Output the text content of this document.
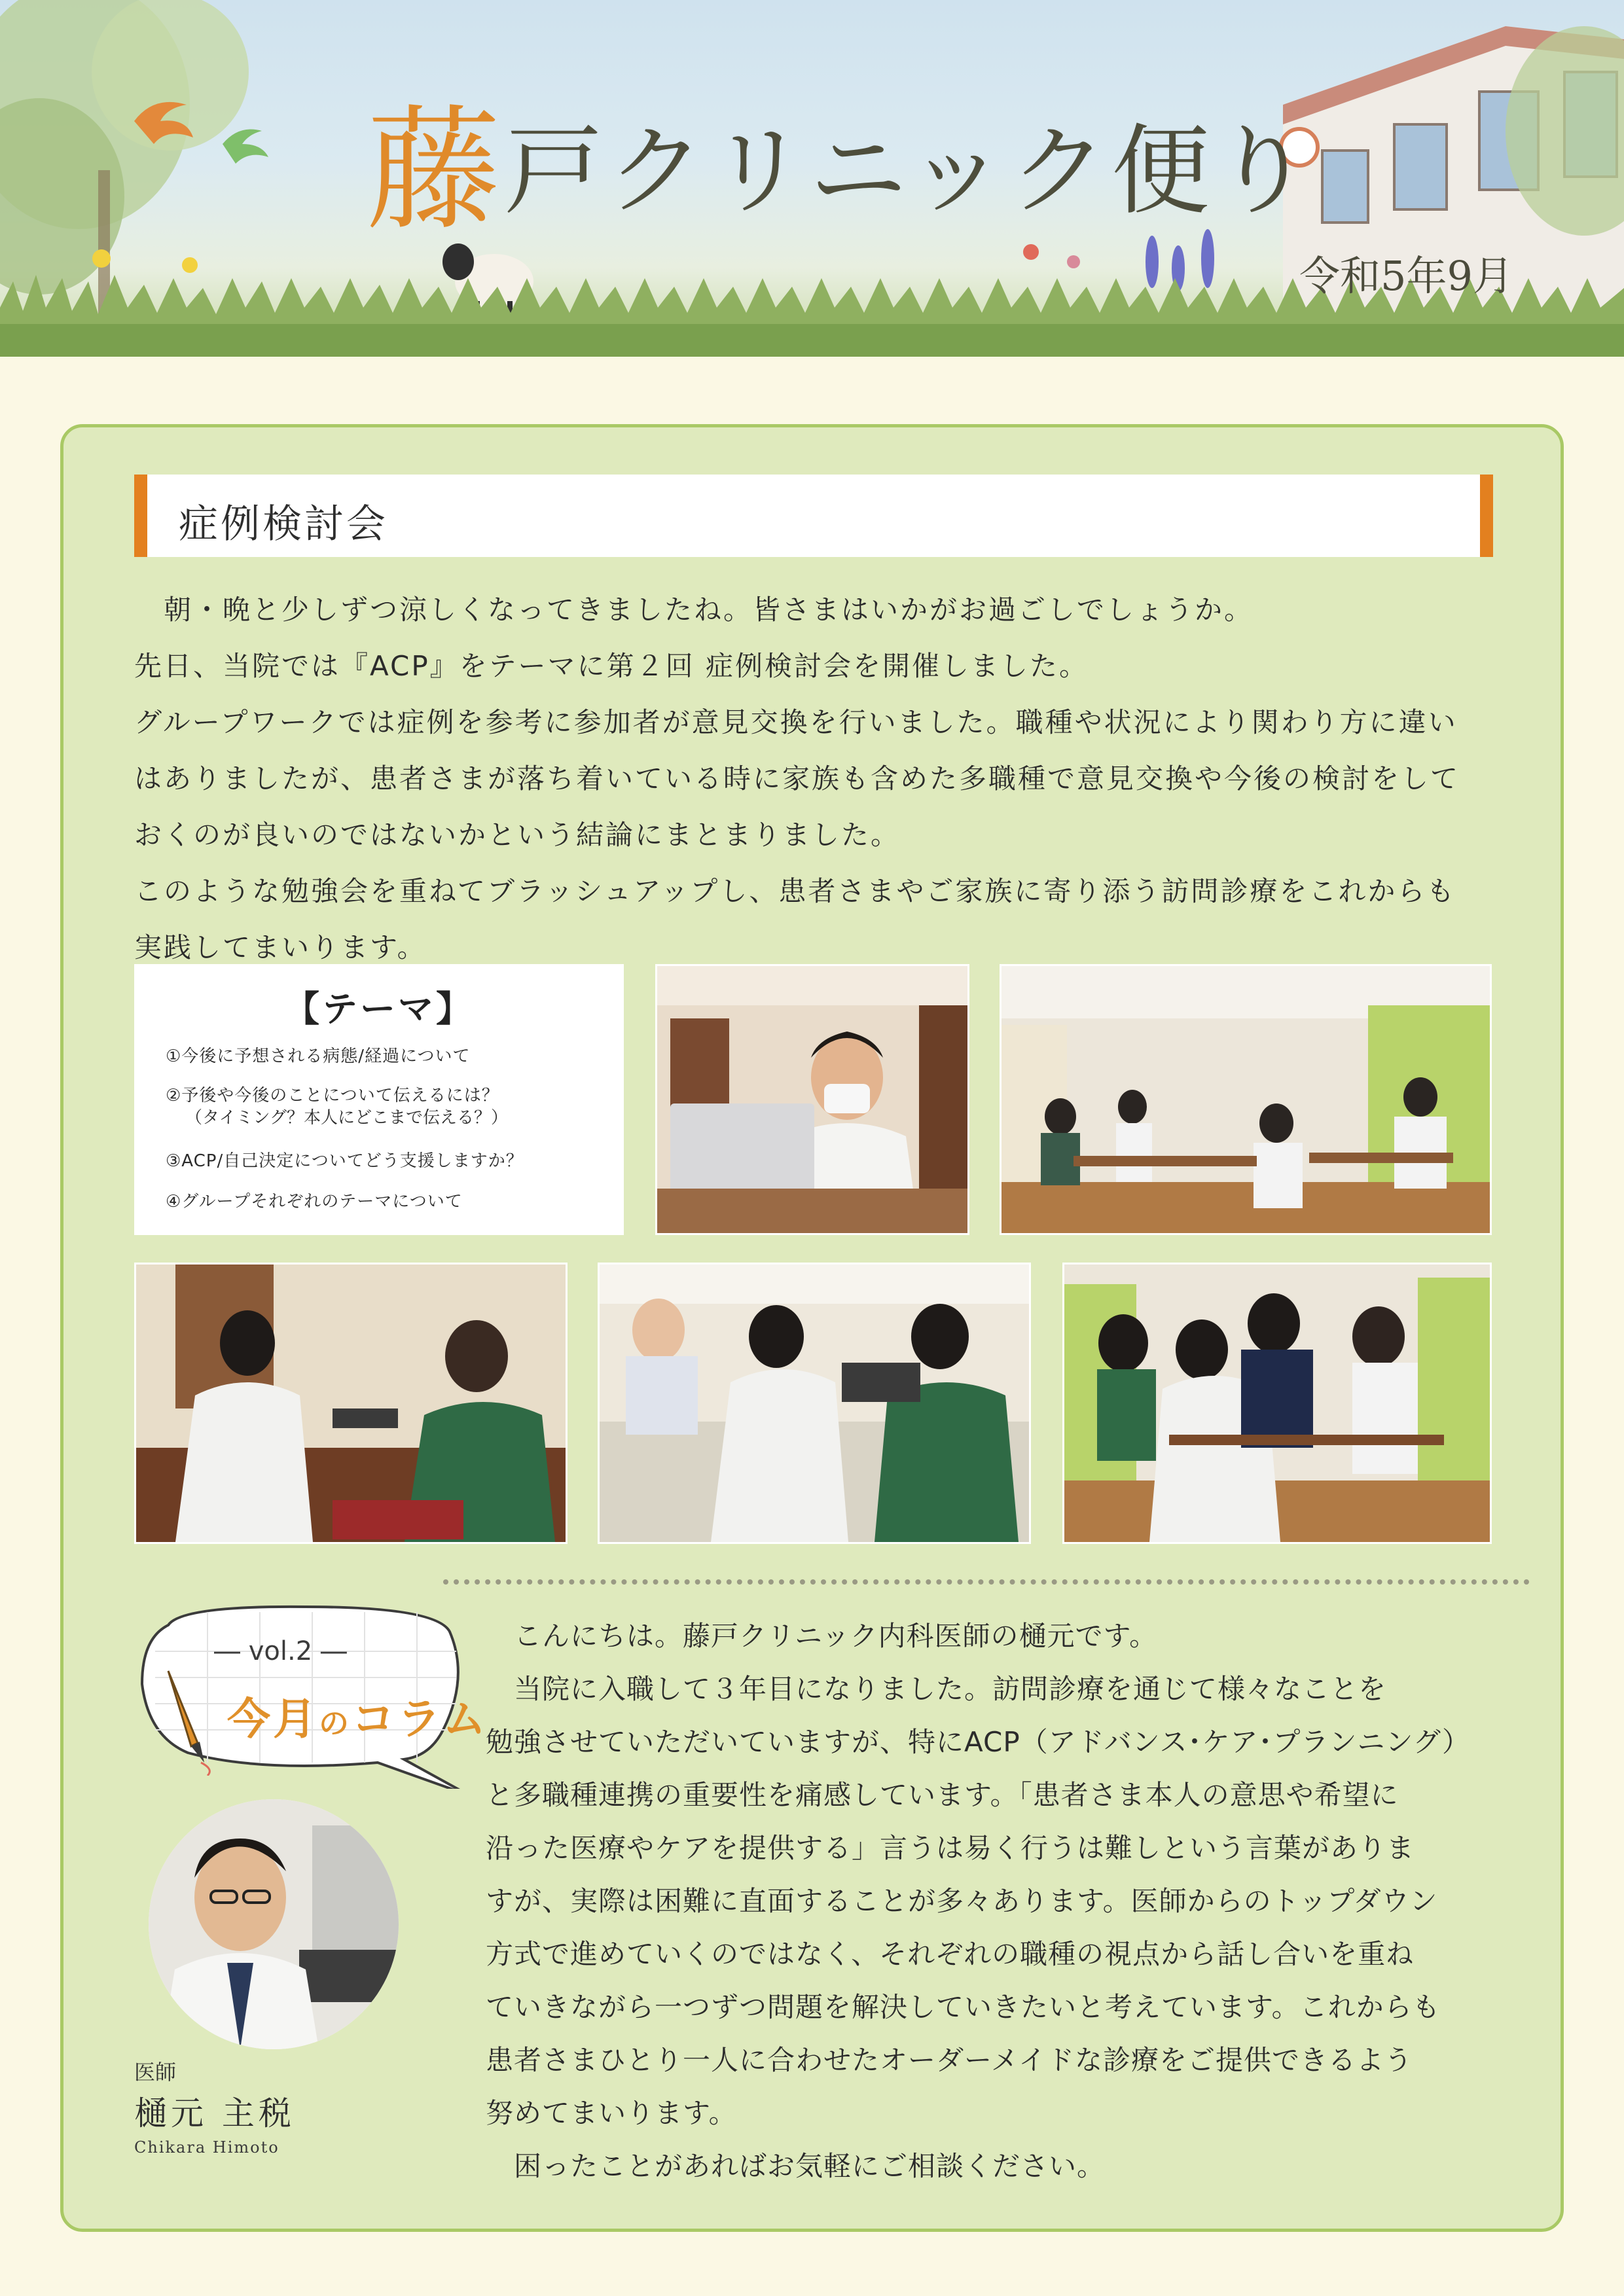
藤戸クリニック便り
令和5年9月
症例検討会

　朝・晩と少しずつ涼しくなってきましたね。皆さまはいかがお過ごしでしょうか。

先日、当院では『ACP』をテーマに第２回 症例検討会を開催しました。

グループワークでは症例を参考に参加者が意見交換を行いました。職種や状況により関わり方に違い

はありましたが、患者さまが落ち着いている時に家族も含めた多職種で意見交換や今後の検討をして

おくのが良いのではないかという結論にまとまりました。

このような勉強会を重ねてブラッシュアップし、患者さまやご家族に寄り添う訪問診療をこれからも

実践してまいります。

【テーマ】
①今後に予想される病態/経過について
②予後や今後のことについて伝えるには？
（タイミング？本人にどこまで伝える？）
③ACP/自己決定についてどう支援しますか？
④グループそれぞれのテーマについて
― vol.2 ―
今月のコラム
医師
樋元 主税
Chikara Himoto

　こんにちは。藤戸クリニック内科医師の樋元です。

　当院に入職して３年目になりました。訪問診療を通じて様々なことを

勉強させていただいていますが、特にACP（アドバンス･ケア･プランニング）

と多職種連携の重要性を痛感しています。「患者さま本人の意思や希望に

沿った医療やケアを提供する」言うは易く行うは難しという言葉がありま

すが、実際は困難に直面することが多々あります。医師からのトップダウン

方式で進めていくのではなく、それぞれの職種の視点から話し合いを重ね

ていきながら一つずつ問題を解決していきたいと考えています。これからも

患者さまひとり一人に合わせたオーダーメイドな診療をご提供できるよう

努めてまいります。

　困ったことがあればお気軽にご相談ください。
